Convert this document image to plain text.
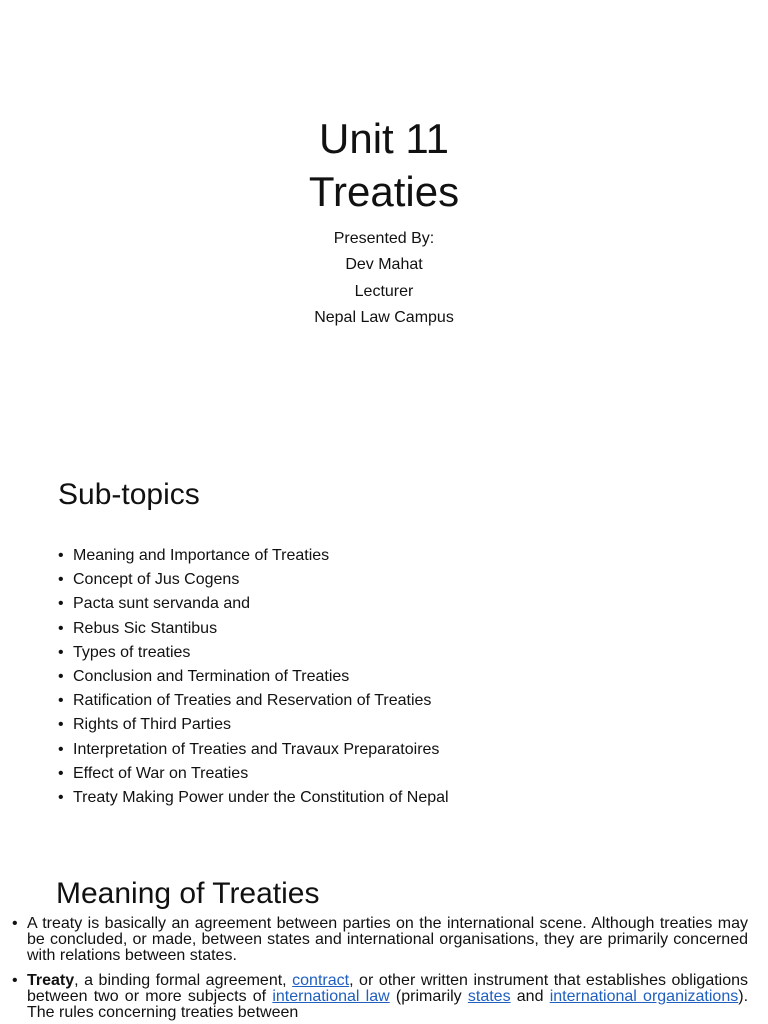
Unit 11
Treaties
Presented By:
Dev Mahat
Lecturer
Nepal Law Campus
Sub-topics
• Meaning and Importance of Treaties
• Concept of Jus Cogens
• Pacta sunt servanda and
• Rebus Sic Stantibus
• Types of treaties
• Conclusion and Termination of Treaties
• Ratification of Treaties and Reservation of Treaties
• Rights of Third Parties
• Interpretation of Treaties and Travaux Preparatoires
• Effect of War on Treaties
• Treaty Making Power under the Constitution of Nepal
Meaning of Treaties
• A treaty is basically an agreement between parties on the international scene. Although treaties may be concluded, or made, between states and international organisations, they are primarily concerned with relations between states.
• Treaty, a binding formal agreement, contract, or other written instrument that establishes obligations between two or more subjects of international law (primarily states and international organizations). The rules concerning treaties between
